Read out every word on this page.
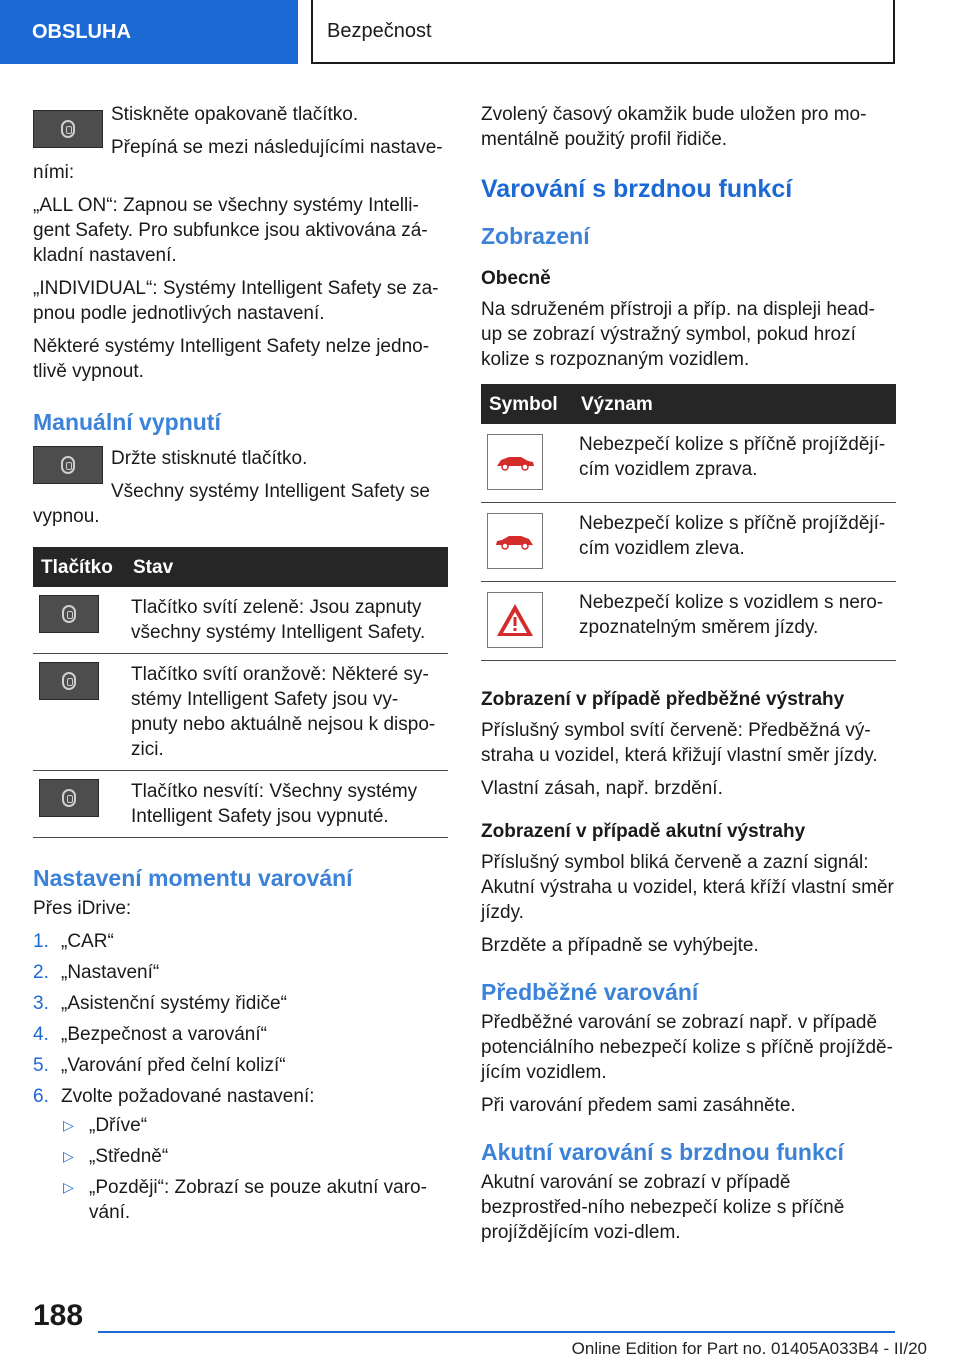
OBSLUHA	Bezpečnost

Stiskněte opakovaně tlačítko.

Přepíná se mezi následujícími nastave-ními:

„ALL ON“: Zapnou se všechny systémy Intelli-gent Safety. Pro subfunkce jsou aktivována zá-kladní nastavení.

„INDIVIDUAL“: Systémy Intelligent Safety se za-pnou podle jednotlivých nastavení.

Některé systémy Intelligent Safety nelze jedno-tlivě vypnout.

Manuální vypnutí

Držte stisknuté tlačítko.

Všechny systémy Intelligent Safety se vypnou.

Tlačítko	Stav

	Tlačítko svítí zeleně: Jsou zapnuty všechny systémy Intelligent Safety.

	Tlačítko svítí oranžově: Některé sy-stémy Intelligent Safety jsou vy-pnuty nebo aktuálně nejsou k dispo-zici.

	Tlačítko nesvítí: Všechny systémy Intelligent Safety jsou vypnuté.
Nastavení momentu varování

Přes iDrive:

1. „CAR“
2. „Nastavení“
3. „Asistenční systémy řidiče“
4. „Bezpečnost a varování“
5. „Varování před čelní kolizí“
6. Zvolte požadované nastavení:
▷ „Dříve“
▷ „Středně“
▷ „Později“: Zobrazí se pouze akutní varo-vání.

Zvolený časový okamžik bude uložen pro mo-mentálně použitý profil řidiče.

Varování s brzdnou funkcí
Zobrazení
Obecně

Na sdruženém přístroji a příp. na displeji head-up se zobrazí výstražný symbol, pokud hrozí kolize s rozpoznaným vozidlem.

Symbol	Význam

	Nebezpečí kolize s příčně projíždějí-cím vozidlem zprava.

	Nebezpečí kolize s příčně projíždějí-cím vozidlem zleva.

	Nebezpečí kolize s vozidlem s nero-zpoznatelným směrem jízdy.
Zobrazení v případě předběžné výstrahy

Příslušný symbol svítí červeně: Předběžná vý-straha u vozidel, která křižují vlastní směr jízdy.

Vlastní zásah, např. brzdění.

Zobrazení v případě akutní výstrahy

Příslušný symbol bliká červeně a zazní signál: Akutní výstraha u vozidel, která kříží vlastní směr jízdy.

Brzděte a případně se vyhýbejte.

Předběžné varování

Předběžné varování se zobrazí např. v případě potenciálního nebezpečí kolize s příčně projíždě-jícím vozidlem.

Při varování předem sami zasáhněte.

Akutní varování s brzdnou funkcí

Akutní varování se zobrazí v případě bezprostřed-ního nebezpečí kolize s příčně projíždějícím vozi-dlem.

188
Online Edition for Part no. 01405A033B4 - II/20
